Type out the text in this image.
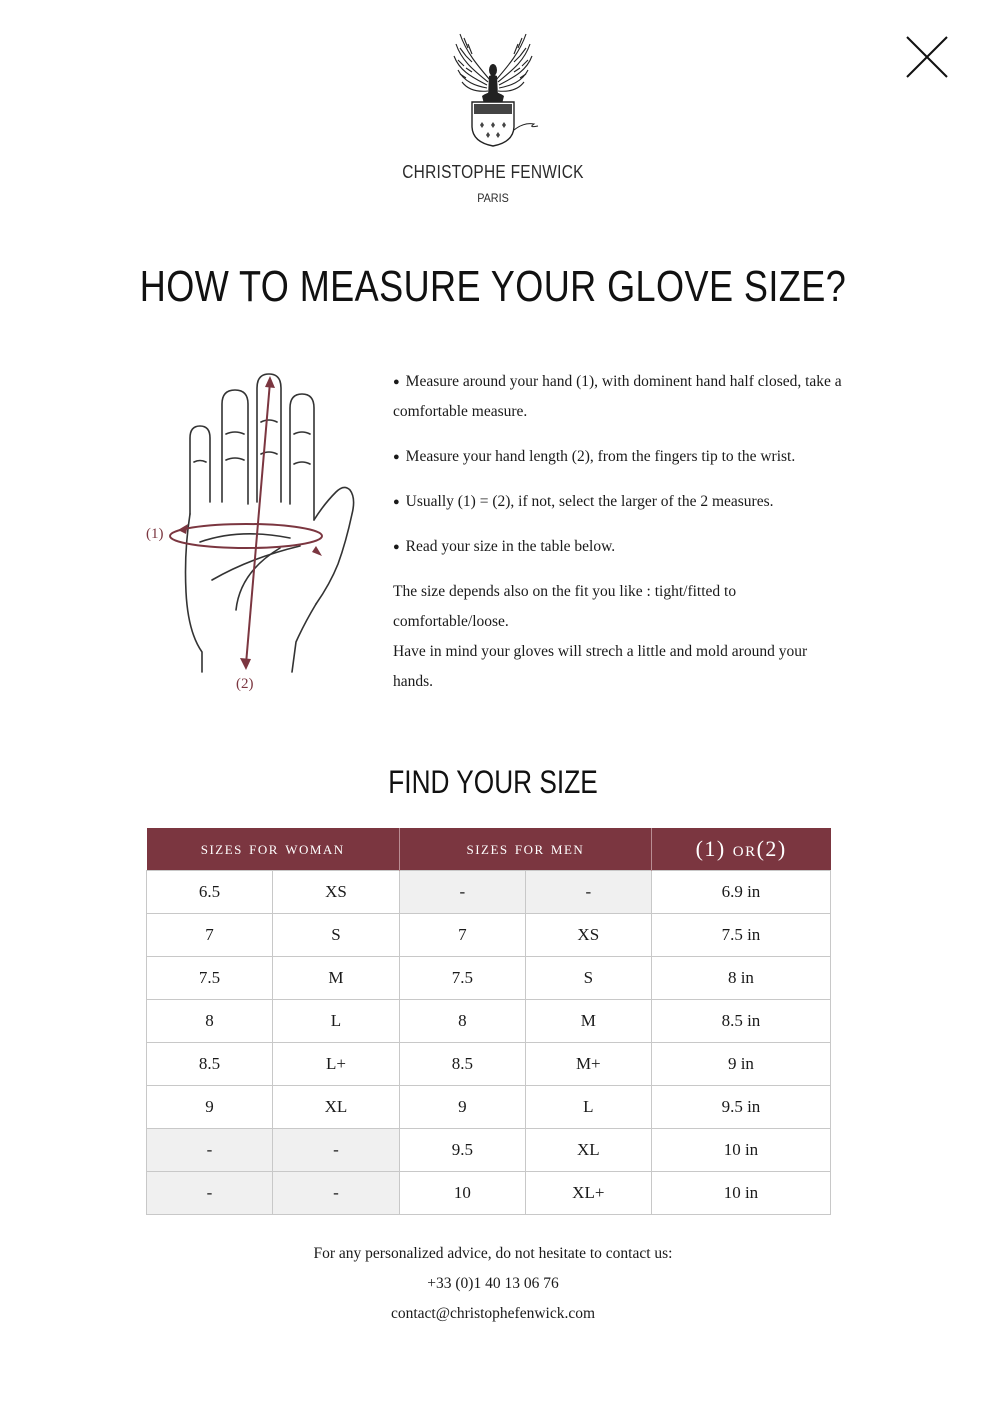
CHRISTOPHE FENWICK
PARIS
HOW TO MEASURE YOUR GLOVE SIZE?
(1)
(2)

● Measure around your hand (1), with dominent hand half closed, take a comfortable measure.

● Measure your hand length (2), from the fingers tip to the wrist.

● Usually (1) = (2), if not, select the larger of the 2 measures.

● Read your size in the table below.

The size depends also on the fit you like : tight/fitted to comfortable/loose.
Have in mind your gloves will strech a little and mold around your hands.
FIND YOUR SIZE
sizes for woman		sizes for men		(1) or(2)
6.5	XS	-	-	6.9 in
7	S	7	XS	7.5 in
7.5	M	7.5	S	8 in
8	L	8	M	8.5 in
8.5	L+	8.5	M+	9 in
9	XL	9	L	9.5 in
-	-	9.5	XL	10 in
-	-	10	XL+	10 in
For any personalized advice, do not hesitate to contact us:
+33 (0)1 40 13 06 76
contact@christophefenwick.com
